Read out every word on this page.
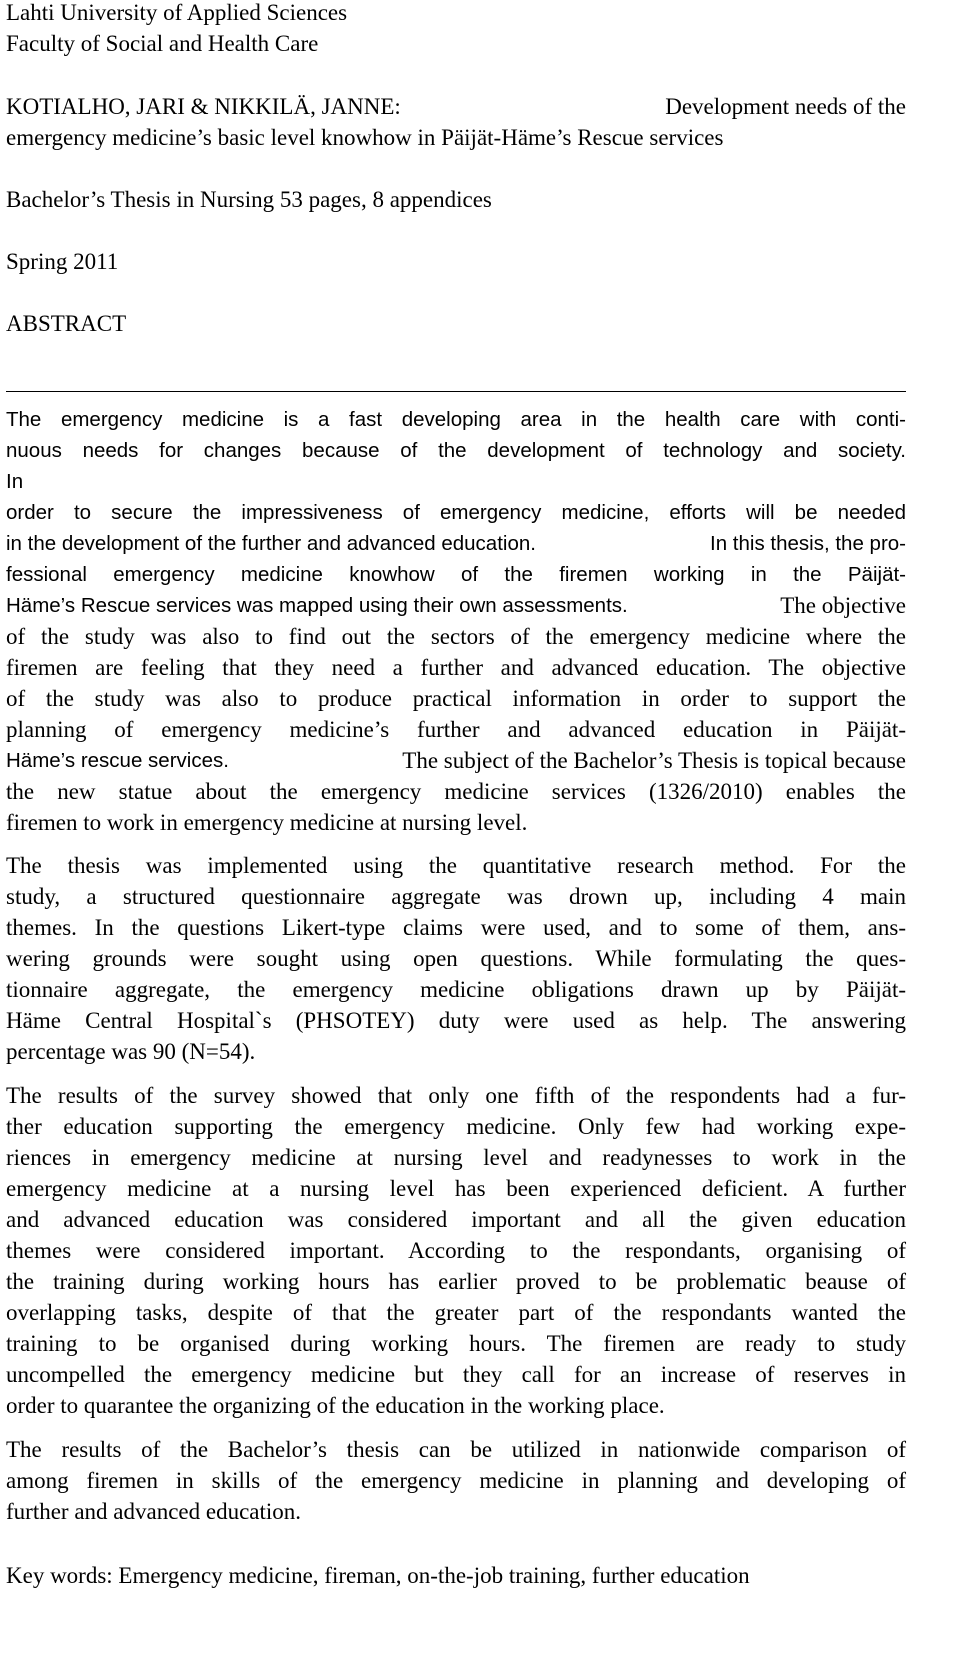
Lahti University of Applied Sciences
Faculty of Social and Health Care
KOTIALHO, JARI & NIKKILÄ, JANNE:	Development needs of the
emergency medicine’s basic level knowhow in Päijät-Häme’s Rescue services
Bachelor’s Thesis in Nursing 53 pages, 8 appendices
Spring 2011
ABSTRACT
The emergency medicine is a fast developing area in the health care with conti-
nuous needs for changes because of the development of technology and society.
In
order to secure the impressiveness of emergency medicine, efforts will be needed
in the development of the further and advanced education.	In this thesis, the pro-
fessional emergency medicine knowhow of the firemen working in the Päijät-
Häme’s Rescue services was mapped using their own assessments.	The objective
of the study was also to find out the sectors of the emergency medicine where the
firemen are feeling that they need a further and advanced education. The objective
of the study was also to produce practical information in order to support the
planning of emergency medicine’s further and advanced education in Päijät-
Häme’s rescue services.	The subject of the Bachelor’s Thesis is topical because
the new statue about the emergency medicine services (1326/2010) enables the
firemen to work in emergency medicine at nursing level.
The thesis was implemented using the quantitative research method. For the
study, a structured questionnaire aggregate was drown up, including 4 main
themes. In the questions Likert-type claims were used, and to some of them, ans-
wering grounds were sought using open questions. While formulating the ques-
tionnaire aggregate, the emergency medicine obligations drawn up by Päijät-
Häme Central Hospital`s (PHSOTEY) duty were used as help. The answering
percentage was 90 (N=54).
The results of the survey showed that only one fifth of the respondents had a fur-
ther education supporting the emergency medicine. Only few had working expe-
riences in emergency medicine at nursing level and readynesses to work in the
emergency medicine at a nursing level has been experienced deficient. A further
and advanced education was considered important and all the given education
themes were considered important. According to the respondants, organising of
the training during working hours has earlier proved to be problematic beause of
overlapping tasks, despite of that the greater part of the respondants wanted the
training to be organised during working hours. The firemen are ready to study
uncompelled the emergency medicine but they call for an increase of reserves in
order to quarantee the organizing of the education in the working place.
The results of the Bachelor’s thesis can be utilized in nationwide comparison of
among firemen in skills of the emergency medicine in planning and developing of
further and advanced education.
Key words: Emergency medicine, fireman, on-the-job training, further education
